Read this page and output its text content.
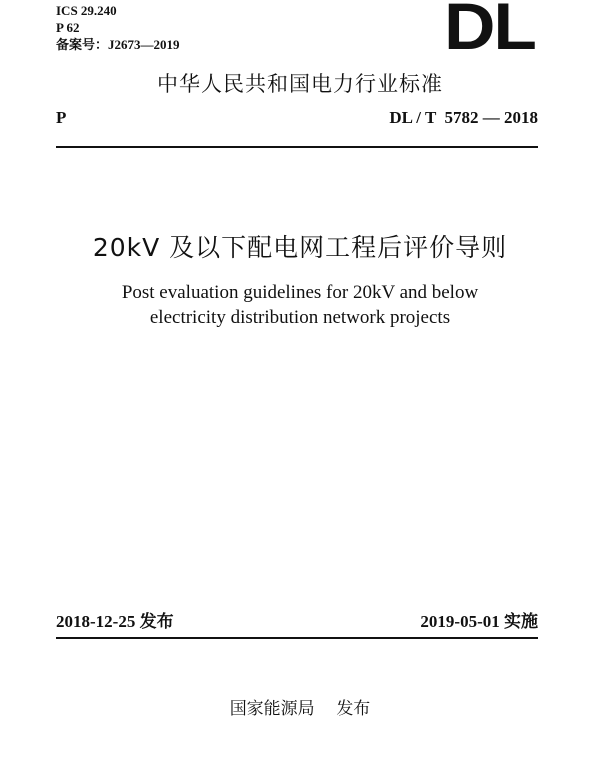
ICS 29.240
P 62
备案号：J2673—2019	DL
中华人民共和国电力行业标准
P	DL / T  5782 — 2018
20kV 及以下配电网工程后评价导则
Post evaluation guidelines for 20kV and below
electricity distribution network projects
2018-12-25 发布	2019-05-01 实施
国家能源局 发布
